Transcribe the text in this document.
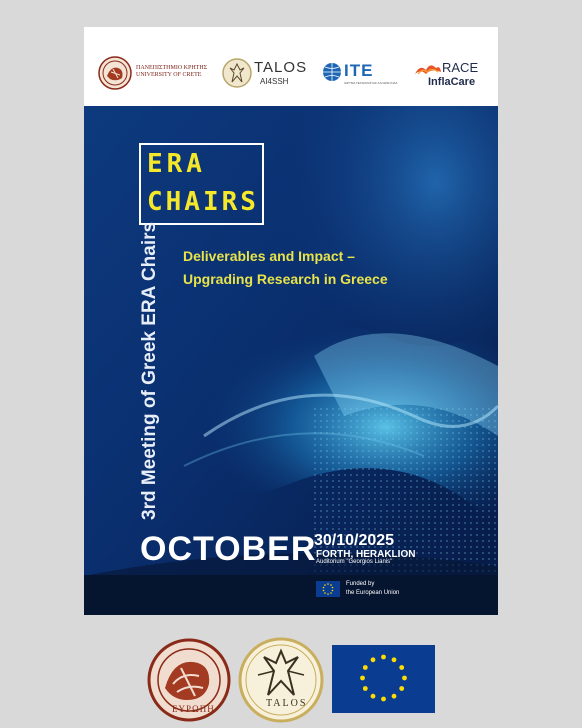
ΠΑΝΕΠΙΣΤΗΜΙΟ ΚΡΗΤΗΣ
UNIVERSITY OF CRETE	TALOS
AI4SSH
ITE
ΙΔΡΥΜΑ ΤΕΧΝΟΛΟΓΙΑΣ ΚΑΙ ΕΡΕΥΝΑΣ
RACE
InflaCare
ERA
CHAIRS
Deliverables and Impact –
Upgrading Research in Greece
3rd Meeting of Greek ERA Chairs
OCTOBER
30/10/2025
FORTH, HERAKLION
Auditorium "Georgios Lianis"
Funded by
the European Union
ΕΥΡΩΠΗ	TALOS
